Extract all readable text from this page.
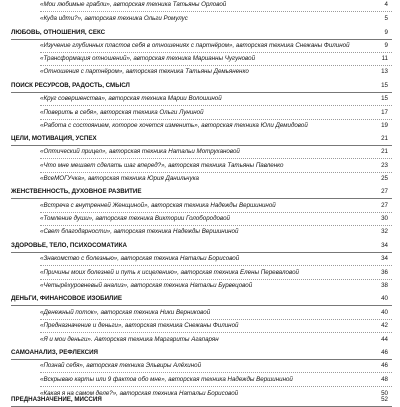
«Мои любимые грабли», авторская техника Татьяны Орловой	4
«Куда идти?», авторская техника Ольги Ромулус	5
ЛЮБОВЬ, ОТНОШЕНИЯ, СЕКС	9
«Изучение глубинных пластов себя в отношениях с партнёром», авторская техника Снежаны Филиной	9
«Трансформация отношений», авторская техника Марианны Чугуновой	11
«Отношения с партнёром», авторская техника Татьяны Демьяненко	13
ПОИСК РЕСУРСОВ, РАДОСТЬ, СМЫСЛ	15
«Круг совершенства», авторская техника Марии Волошиной	15
«Поверить в себя», авторская техника Ольги Луниной	17
«Работа с состоянием, которое хочется изменить», авторская техника Юли Демидовой	19
ЦЕЛИ, МОТИВАЦИЯ, УСПЕХ	21
«Оптический прицел», авторская техника Натальи Мотрухановой	21
«Что мне мешает сделать шаг вперед?», авторская техника Татьяны Павленко	23
«ВсеМОГУчка», авторская техника Юрия Данильчука	25
ЖЕНСТВЕННОСТЬ, ДУХОВНОЕ РАЗВИТИЕ	27
«Встреча с внутренней Женщиной», авторская техника Надежды Вершининой	27
«Томление души», авторская техника Виктории Голобородовой	30
«Свет благодарности», авторская техника Надежды Вершининой	32
ЗДОРОВЬЕ, ТЕЛО, ПСИХОСОМАТИКА	34
«Знакомство с болезнью», авторская техника Натальи Борисовой	34
«Причины моих болезней и путь к исцелению», авторская техника Елены Переваловой	36
«Четырёхуровневый анализ», авторская техника Натальи Бурвецовой	38
ДЕНЬГИ, ФИНАНСОВОЕ ИЗОБИЛИЕ	40
«Денежный поток», авторская техника Ники Верниковой	40
«Предназначение и деньги», авторская техника Снежаны Филиной	42
«Я и мои деньги». Авторская техника Маргариты Агапарян	44
САМОАНАЛИЗ, РЕФЛЕКСИЯ	46
«Познай себя», авторская техника Эльвиры Алёхиной	46
«Вскрываю карты или 9 фактов обо мне», авторская техника Надежды Вершининой	48
«Какая я на самом деле?», авторская техника Натальи Борисовой	50
ПРЕДНАЗНАЧЕНИЕ, МИССИЯ	52
